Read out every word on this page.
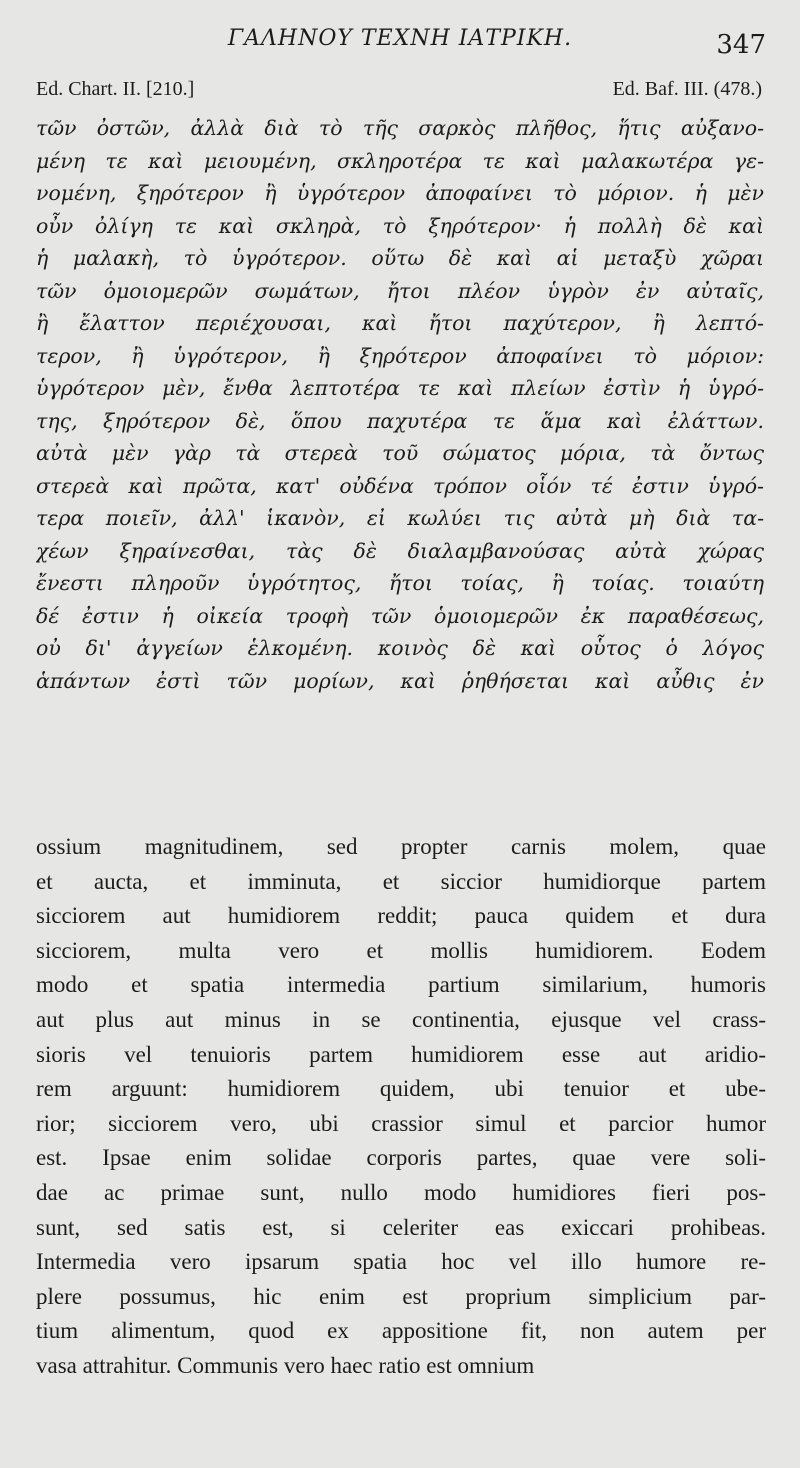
ΓΑΛΗΝΟΥ ΤΕΧΝΗ ΙΑΤΡΙΚΗ.	347
Ed. Chart. II. [210.]	Ed. Baf. III. (478.)
τῶν ὀστῶν, ἀλλὰ διὰ τὸ τῆς σαρκὸς πλῆθος, ἥτις αὐξανο-
μένη τε καὶ μειουμένη, σκληροτέρα τε καὶ μαλακωτέρα γε-
νομένη, ξηρότερον ἢ ὑγρότερον ἀποφαίνει τὸ μόριον. ἡ μὲν
οὖν ὀλίγη τε καὶ σκληρὰ, τὸ ξηρότερον· ἡ πολλὴ δὲ καὶ
ἡ μαλακὴ, τὸ ὑγρότερον. οὕτω δὲ καὶ αἱ μεταξὺ χῶραι
τῶν ὁμοιομερῶν σωμάτων, ἤτοι πλέον ὑγρὸν ἐν αὐταῖς,
ἢ ἔλαττον περιέχουσαι, καὶ ἤτοι παχύτερον, ἢ λεπτό-
τερον, ἢ ὑγρότερον, ἢ ξηρότερον ἀποφαίνει τὸ μόριον:
ὑγρότερον μὲν, ἔνθα λεπτοτέρα τε καὶ πλείων ἐστὶν ἡ ὑγρό-
της, ξηρότερον δὲ, ὅπου παχυτέρα τε ἅμα καὶ ἐλάττων.
αὐτὰ μὲν γὰρ τὰ στερεὰ τοῦ σώματος μόρια, τὰ ὄντως
στερεὰ καὶ πρῶτα, κατ' οὐδένα τρόπον οἷόν τέ ἐστιν ὑγρό-
τερα ποιεῖν, ἀλλ' ἱκανὸν, εἰ κωλύει τις αὐτὰ μὴ διὰ τα-
χέων ξηραίνεσθαι, τὰς δὲ διαλαμβανούσας αὐτὰ χώρας
ἔνεστι πληροῦν ὑγρότητος, ἤτοι τοίας, ἢ τοίας. τοιαύτη
δέ ἐστιν ἡ οἰκεία τροφὴ τῶν ὁμοιομερῶν ἐκ παραθέσεως,
οὐ δι' ἀγγείων ἑλκομένη. κοινὸς δὲ καὶ οὗτος ὁ λόγος
ἁπάντων ἐστὶ τῶν μορίων, καὶ ῥηθήσεται καὶ αὖθις ἐν
ossium magnitudinem, sed propter carnis molem, quae
et aucta, et imminuta, et siccior humidiorque partem
sicciorem aut humidiorem reddit; pauca quidem et dura
sicciorem, multa vero et mollis humidiorem. Eodem
modo et spatia intermedia partium similarium, humoris
aut plus aut minus in se continentia, ejusque vel crass-
sioris vel tenuioris partem humidiorem esse aut aridio-
rem arguunt: humidiorem quidem, ubi tenuior et ube-
rior; sicciorem vero, ubi crassior simul et parcior humor
est. Ipsae enim solidae corporis partes, quae vere soli-
dae ac primae sunt, nullo modo humidiores fieri pos-
sunt, sed satis est, si celeriter eas exiccari prohibeas.
Intermedia vero ipsarum spatia hoc vel illo humore re-
plere possumus, hic enim est proprium simplicium par-
tium alimentum, quod ex appositione fit, non autem per
vasa attrahitur. Communis vero haec ratio est omnium
